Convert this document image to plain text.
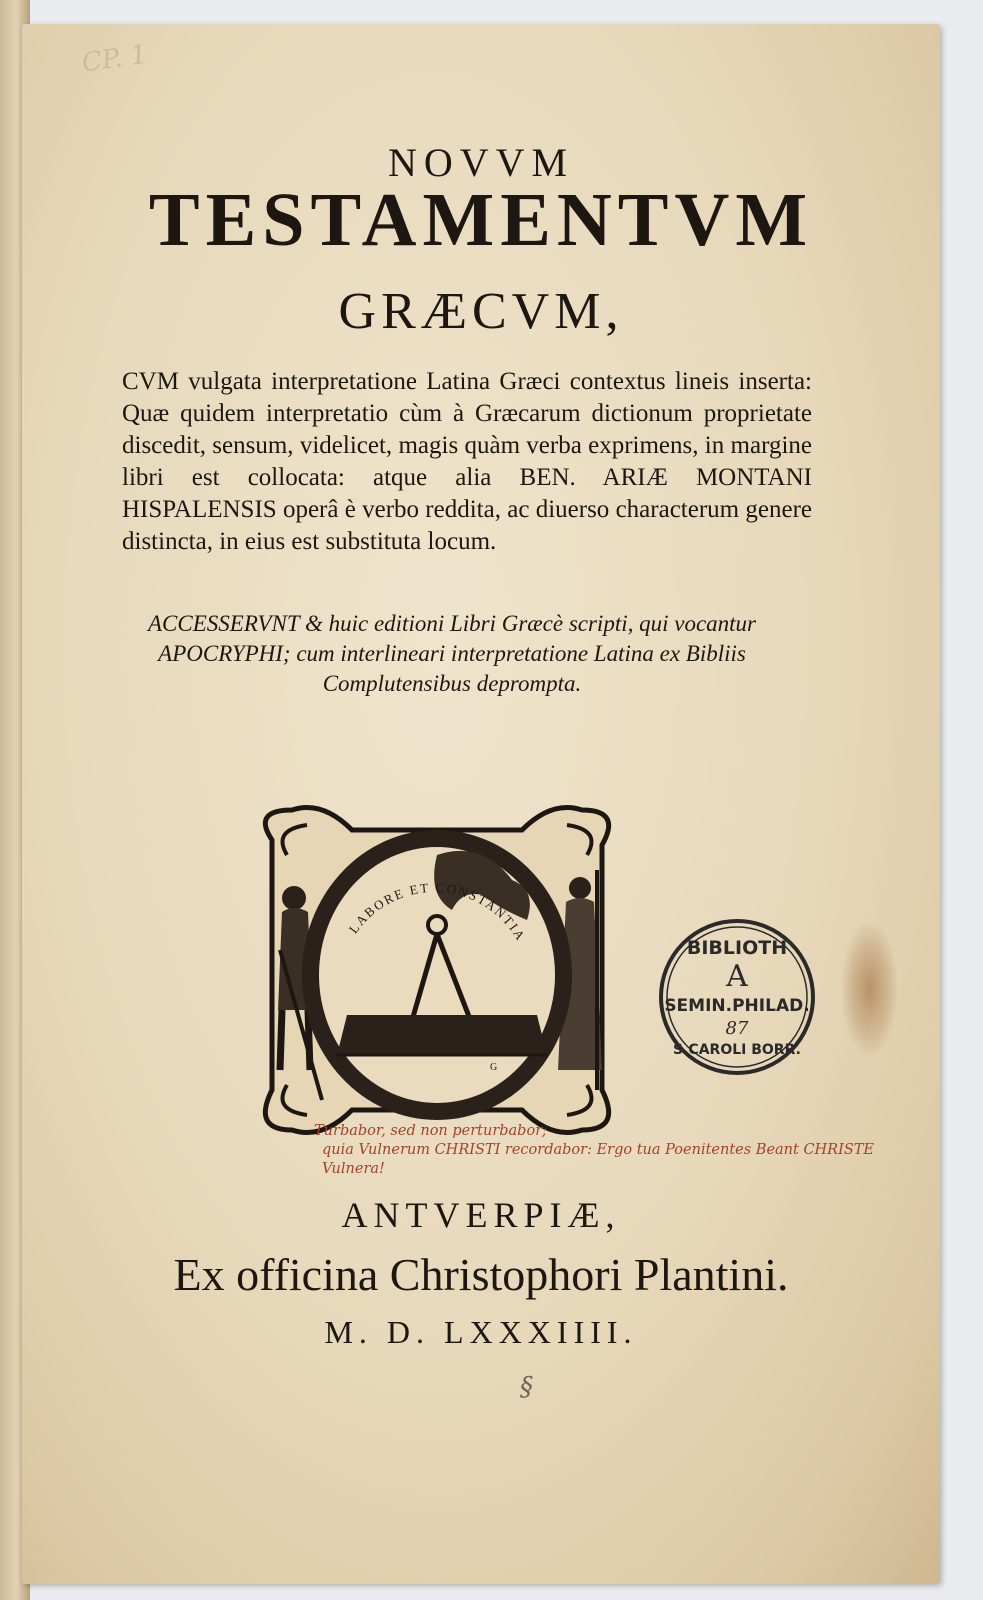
CP. 1
NOVVM
TESTAMENTVM
GRÆCVM,
CVM vulgata interpretatione Latina Græci contextus lineis inserta: Quæ quidem interpretatio cùm à Græcarum dictionum proprietate discedit, sensum, videlicet, magis quàm verba exprimens, in margine libri est collocata: atque alia BEN. ARIÆ MONTANI HISPALENSIS operâ è verbo reddita, ac diuerso characterum genere distincta, in eius est substituta locum.
ACCESSERVNT & huic editioni Libri Græcè scripti, qui vocantur APOCRYPHI; cum interlineari interpretatione Latina ex Bibliis Complutensibus deprompta.
LABORE ET CONSTANTIA
G
BIBLIOTH
A
SEMIN.PHILAD.
87
S.CAROLI BORR.
Turbabor, sed non perturbabor;
quia Vulnerum CHRISTI recordabor: Ergo tua Poenitentes Beant CHRISTE Vulnera!
ANTVERPIÆ,
Ex officina Christophori Plantini.
M. D. LXXXIIII.
§
